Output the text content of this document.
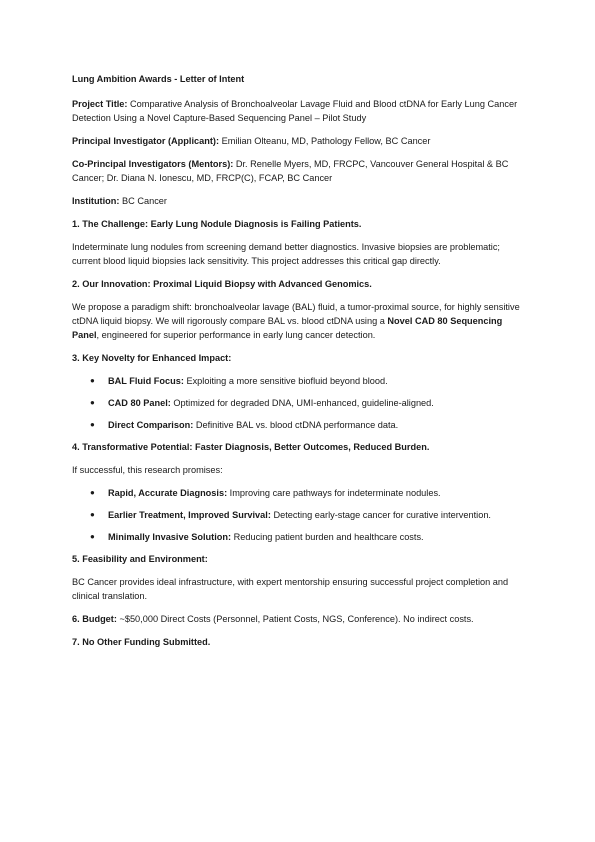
Lung Ambition Awards - Letter of Intent

Project Title: Comparative Analysis of Bronchoalveolar Lavage Fluid and Blood ctDNA for Early Lung Cancer Detection Using a Novel Capture-Based Sequencing Panel – Pilot Study

Principal Investigator (Applicant): Emilian Olteanu, MD, Pathology Fellow, BC Cancer

Co-Principal Investigators (Mentors): Dr. Renelle Myers, MD, FRCPC, Vancouver General Hospital & BC Cancer; Dr. Diana N. Ionescu, MD, FRCP(C), FCAP, BC Cancer

Institution: BC Cancer

1. The Challenge: Early Lung Nodule Diagnosis is Failing Patients.

Indeterminate lung nodules from screening demand better diagnostics. Invasive biopsies are problematic; current blood liquid biopsies lack sensitivity. This project addresses this critical gap directly.

2. Our Innovation: Proximal Liquid Biopsy with Advanced Genomics.

We propose a paradigm shift: bronchoalveolar lavage (BAL) fluid, a tumor-proximal source, for highly sensitive ctDNA liquid biopsy. We will rigorously compare BAL vs. blood ctDNA using a Novel CAD 80 Sequencing Panel, engineered for superior performance in early lung cancer detection.

3. Key Novelty for Enhanced Impact:
● BAL Fluid Focus: Exploiting a more sensitive biofluid beyond blood.
● CAD 80 Panel: Optimized for degraded DNA, UMI-enhanced, guideline-aligned.
● Direct Comparison: Definitive BAL vs. blood ctDNA performance data.
4. Transformative Potential: Faster Diagnosis, Better Outcomes, Reduced Burden.

If successful, this research promises:

● Rapid, Accurate Diagnosis: Improving care pathways for indeterminate nodules.
● Earlier Treatment, Improved Survival: Detecting early-stage cancer for curative intervention.
● Minimally Invasive Solution: Reducing patient burden and healthcare costs.
5. Feasibility and Environment:

BC Cancer provides ideal infrastructure, with expert mentorship ensuring successful project completion and clinical translation.

6. Budget: ~$50,000 Direct Costs (Personnel, Patient Costs, NGS, Conference). No indirect costs.

7. No Other Funding Submitted.
